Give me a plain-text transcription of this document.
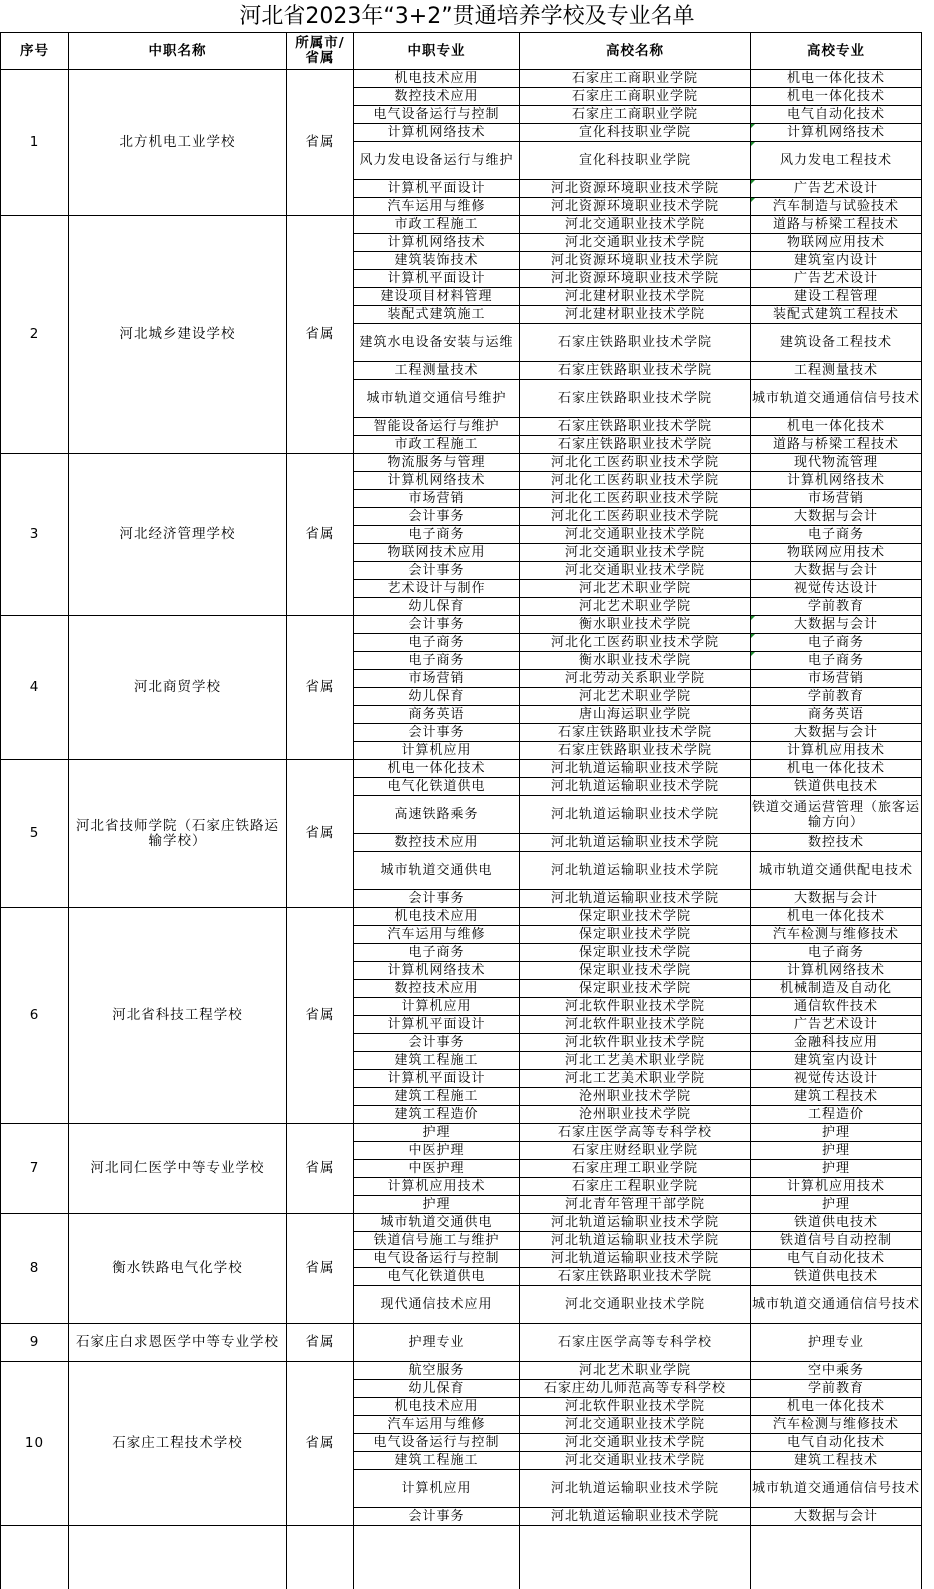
河北省2023年“3+2”贯通培养学校及专业名单
序号	中职名称	所属市/
省属	中职专业	高校名称	高校专业
1	北方机电工业学校	省属
机电技术应用	石家庄工商职业学院	机电一体化技术
数控技术应用	石家庄工商职业学院	机电一体化技术
电气设备运行与控制	石家庄工商职业学院	电气自动化技术
计算机网络技术	宣化科技职业学院	计算机网络技术
风力发电设备运行与维护	宣化科技职业学院	风力发电工程技术
计算机平面设计	河北资源环境职业技术学院	广告艺术设计
汽车运用与维修	河北资源环境职业技术学院	汽车制造与试验技术
2	河北城乡建设学校	省属
市政工程施工	河北交通职业技术学院	道路与桥梁工程技术
计算机网络技术	河北交通职业技术学院	物联网应用技术
建筑装饰技术	河北资源环境职业技术学院	建筑室内设计
计算机平面设计	河北资源环境职业技术学院	广告艺术设计
建设项目材料管理	河北建材职业技术学院	建设工程管理
装配式建筑施工	河北建材职业技术学院	装配式建筑工程技术
建筑水电设备安装与运维	石家庄铁路职业技术学院	建筑设备工程技术
工程测量技术	石家庄铁路职业技术学院	工程测量技术
城市轨道交通信号维护	石家庄铁路职业技术学院	城市轨道交通通信信号技术
智能设备运行与维护	石家庄铁路职业技术学院	机电一体化技术
市政工程施工	石家庄铁路职业技术学院	道路与桥梁工程技术
3	河北经济管理学校	省属
物流服务与管理	河北化工医药职业技术学院	现代物流管理
计算机网络技术	河北化工医药职业技术学院	计算机网络技术
市场营销	河北化工医药职业技术学院	市场营销
会计事务	河北化工医药职业技术学院	大数据与会计
电子商务	河北交通职业技术学院	电子商务
物联网技术应用	河北交通职业技术学院	物联网应用技术
会计事务	河北交通职业技术学院	大数据与会计
艺术设计与制作	河北艺术职业学院	视觉传达设计
幼儿保育	河北艺术职业学院	学前教育
4	河北商贸学校	省属
会计事务	衡水职业技术学院	大数据与会计
电子商务	河北化工医药职业技术学院	电子商务
电子商务	衡水职业技术学院	电子商务
市场营销	河北劳动关系职业学院	市场营销
幼儿保育	河北艺术职业学院	学前教育
商务英语	唐山海运职业学院	商务英语
会计事务	石家庄铁路职业技术学院	大数据与会计
计算机应用	石家庄铁路职业技术学院	计算机应用技术
5	河北省技师学院（石家庄铁路运输学校）	省属
机电一体化技术	河北轨道运输职业技术学院	机电一体化技术
电气化铁道供电	河北轨道运输职业技术学院	铁道供电技术
高速铁路乘务	河北轨道运输职业技术学院	铁道交通运营管理（旅客运输方向）
数控技术应用	河北轨道运输职业技术学院	数控技术
城市轨道交通供电	河北轨道运输职业技术学院	城市轨道交通供配电技术
会计事务	河北轨道运输职业技术学院	大数据与会计
6	河北省科技工程学校	省属
机电技术应用	保定职业技术学院	机电一体化技术
汽车运用与维修	保定职业技术学院	汽车检测与维修技术
电子商务	保定职业技术学院	电子商务
计算机网络技术	保定职业技术学院	计算机网络技术
数控技术应用	保定职业技术学院	机械制造及自动化
计算机应用	河北软件职业技术学院	通信软件技术
计算机平面设计	河北软件职业技术学院	广告艺术设计
会计事务	河北软件职业技术学院	金融科技应用
建筑工程施工	河北工艺美术职业学院	建筑室内设计
计算机平面设计	河北工艺美术职业学院	视觉传达设计
建筑工程施工	沧州职业技术学院	建筑工程技术
建筑工程造价	沧州职业技术学院	工程造价
7	河北同仁医学中等专业学校	省属
护理	石家庄医学高等专科学校	护理
中医护理	石家庄财经职业学院	护理
中医护理	石家庄理工职业学院	护理
计算机应用技术	石家庄工程职业学院	计算机应用技术
护理	河北青年管理干部学院	护理
8	衡水铁路电气化学校	省属
城市轨道交通供电	河北轨道运输职业技术学院	铁道供电技术
铁道信号施工与维护	河北轨道运输职业技术学院	铁道信号自动控制
电气设备运行与控制	河北轨道运输职业技术学院	电气自动化技术
电气化铁道供电	石家庄铁路职业技术学院	铁道供电技术
现代通信技术应用	河北交通职业技术学院	城市轨道交通通信信号技术
9	石家庄白求恩医学中等专业学校	省属	护理专业	石家庄医学高等专科学校	护理专业
10	石家庄工程技术学校	省属
航空服务	河北艺术职业学院	空中乘务
幼儿保育	石家庄幼儿师范高等专科学校	学前教育
机电技术应用	河北软件职业技术学院	机电一体化技术
汽车运用与维修	河北交通职业技术学院	汽车检测与维修技术
电气设备运行与控制	河北交通职业技术学院	电气自动化技术
建筑工程施工	河北交通职业技术学院	建筑工程技术
计算机应用	河北轨道运输职业技术学院	城市轨道交通通信信号技术
会计事务	河北轨道运输职业技术学院	大数据与会计
